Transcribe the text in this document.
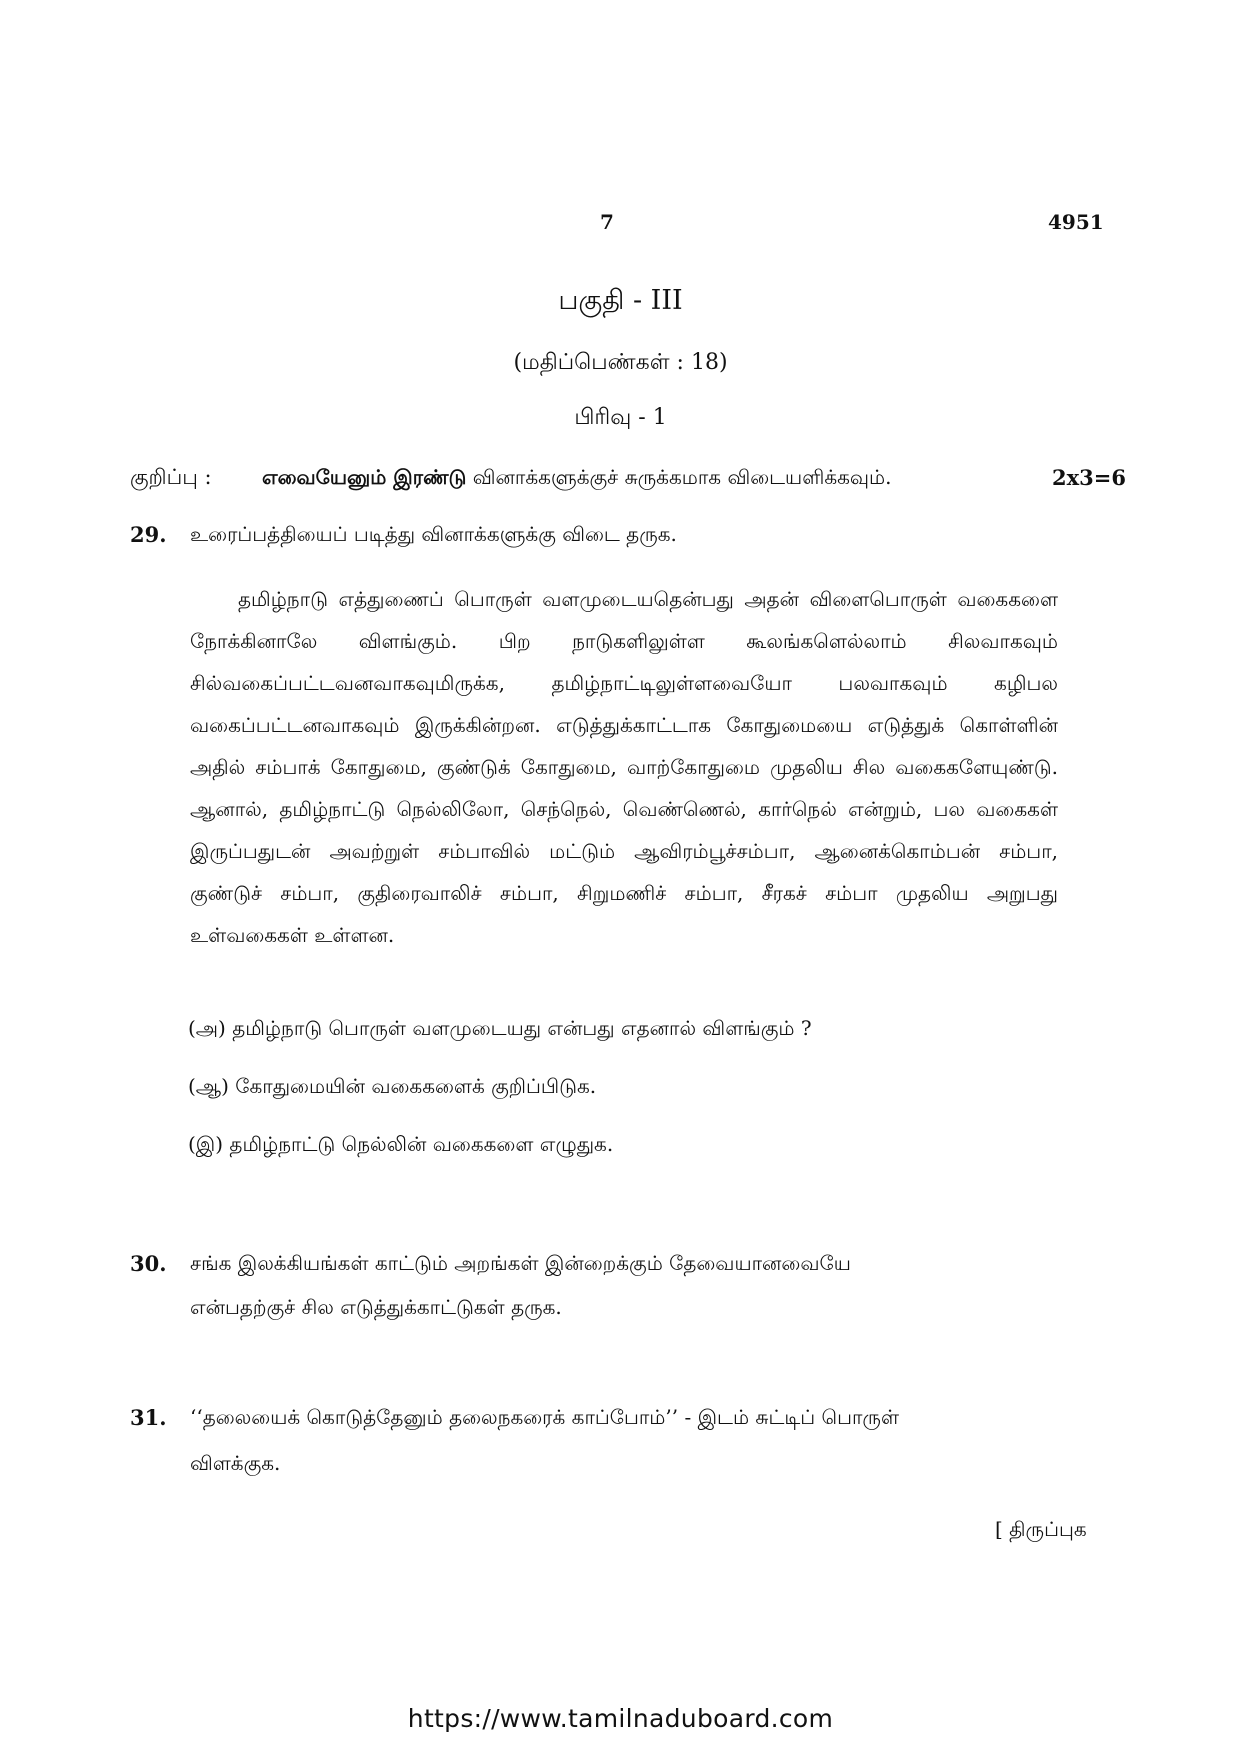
7	4951
பகுதி - III
(மதிப்பெண்கள் : 18)
பிரிவு - 1
குறிப்பு :	எவையேனும் இரண்டு வினாக்களுக்குச் சுருக்கமாக விடையளிக்கவும்.	2x3=6
29. உரைப்பத்தியைப் படித்து வினாக்களுக்கு விடை தருக.

தமிழ்நாடு எத்துணைப் பொருள் வளமுடையதென்பது அதன் விளைபொருள் வகைகளை நோக்கினாலே விளங்கும். பிற நாடுகளிலுள்ள கூலங்களெல்லாம் சிலவாகவும் சில்வகைப்பட்டவனவாகவுமிருக்க, தமிழ்நாட்டிலுள்ளவையோ பலவாகவும் கழிபல வகைப்பட்டனவாகவும் இருக்கின்றன. எடுத்துக்காட்டாக கோதுமையை எடுத்துக் கொள்ளின் அதில் சம்பாக் கோதுமை, குண்டுக் கோதுமை, வாற்கோதுமை முதலிய சில வகைகளேயுண்டு. ஆனால், தமிழ்நாட்டு நெல்லிலோ, செந்நெல், வெண்ணெல், கார்நெல் என்றும், பல வகைகள் இருப்பதுடன் அவற்றுள் சம்பாவில் மட்டும் ஆவிரம்பூச்சம்பா, ஆனைக்கொம்பன் சம்பா, குண்டுச் சம்பா, குதிரைவாலிச் சம்பா, சிறுமணிச் சம்பா, சீரகச் சம்பா முதலிய அறுபது உள்வகைகள் உள்ளன.

(அ) தமிழ்நாடு பொருள் வளமுடையது என்பது எதனால் விளங்கும் ?
(ஆ) கோதுமையின் வகைகளைக் குறிப்பிடுக.
(இ) தமிழ்நாட்டு நெல்லின் வகைகளை எழுதுக.
30. சங்க இலக்கியங்கள் காட்டும் அறங்கள் இன்றைக்கும் தேவையானவையே
என்பதற்குச் சில எடுத்துக்காட்டுகள் தருக.
31. ‘‘தலையைக் கொடுத்தேனும் தலைநகரைக் காப்போம்’’ - இடம் சுட்டிப் பொருள்
விளக்குக.
[ திருப்புக
https://www.tamilnaduboard.com
